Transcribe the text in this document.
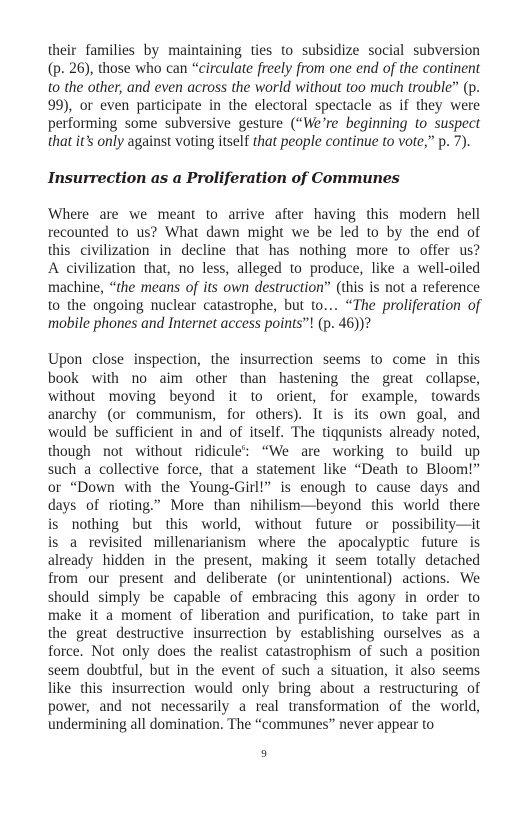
their families by maintaining ties to subsidize social subversion
(p. 26), those who can “circulate freely from one end of the continent
to the other, and even across the world without too much trouble” (p.
99), or even participate in the electoral spectacle as if they were
performing some subversive gesture (“We’re beginning to suspect
that it’s only against voting itself that people continue to vote,” p. 7).
Insurrection as a Proliferation of Communes
Where are we meant to arrive after having this modern hell
recounted to us? What dawn might we be led to by the end of
this civilization in decline that has nothing more to offer us?
A civilization that, no less, alleged to produce, like a well-oiled
machine, “the means of its own destruction” (this is not a reference
to the ongoing nuclear catastrophe, but to… “The proliferation of
mobile phones and Internet access points”! (p. 46))?
Upon close inspection, the insurrection seems to come in this
book with no aim other than hastening the great collapse,
without moving beyond it to orient, for example, towards
anarchy (or communism, for others). It is its own goal, and
would be sufficient in and of itself. The tiqqunists already noted,
though not without ridicule$^6$: “We are working to build up
such a collective force, that a statement like “Death to Bloom!”
or “Down with the Young-Girl!” is enough to cause days and
days of rioting.” More than nihilism—beyond this world there
is nothing but this world, without future or possibility—it
is a revisited millenarianism where the apocalyptic future is
already hidden in the present, making it seem totally detached
from our present and deliberate (or unintentional) actions. We
should simply be capable of embracing this agony in order to
make it a moment of liberation and purification, to take part in
the great destructive insurrection by establishing ourselves as a
force. Not only does the realist catastrophism of such a position
seem doubtful, but in the event of such a situation, it also seems
like this insurrection would only bring about a restructuring of
power, and not necessarily a real transformation of the world,
undermining all domination. The “communes” never appear to
9
